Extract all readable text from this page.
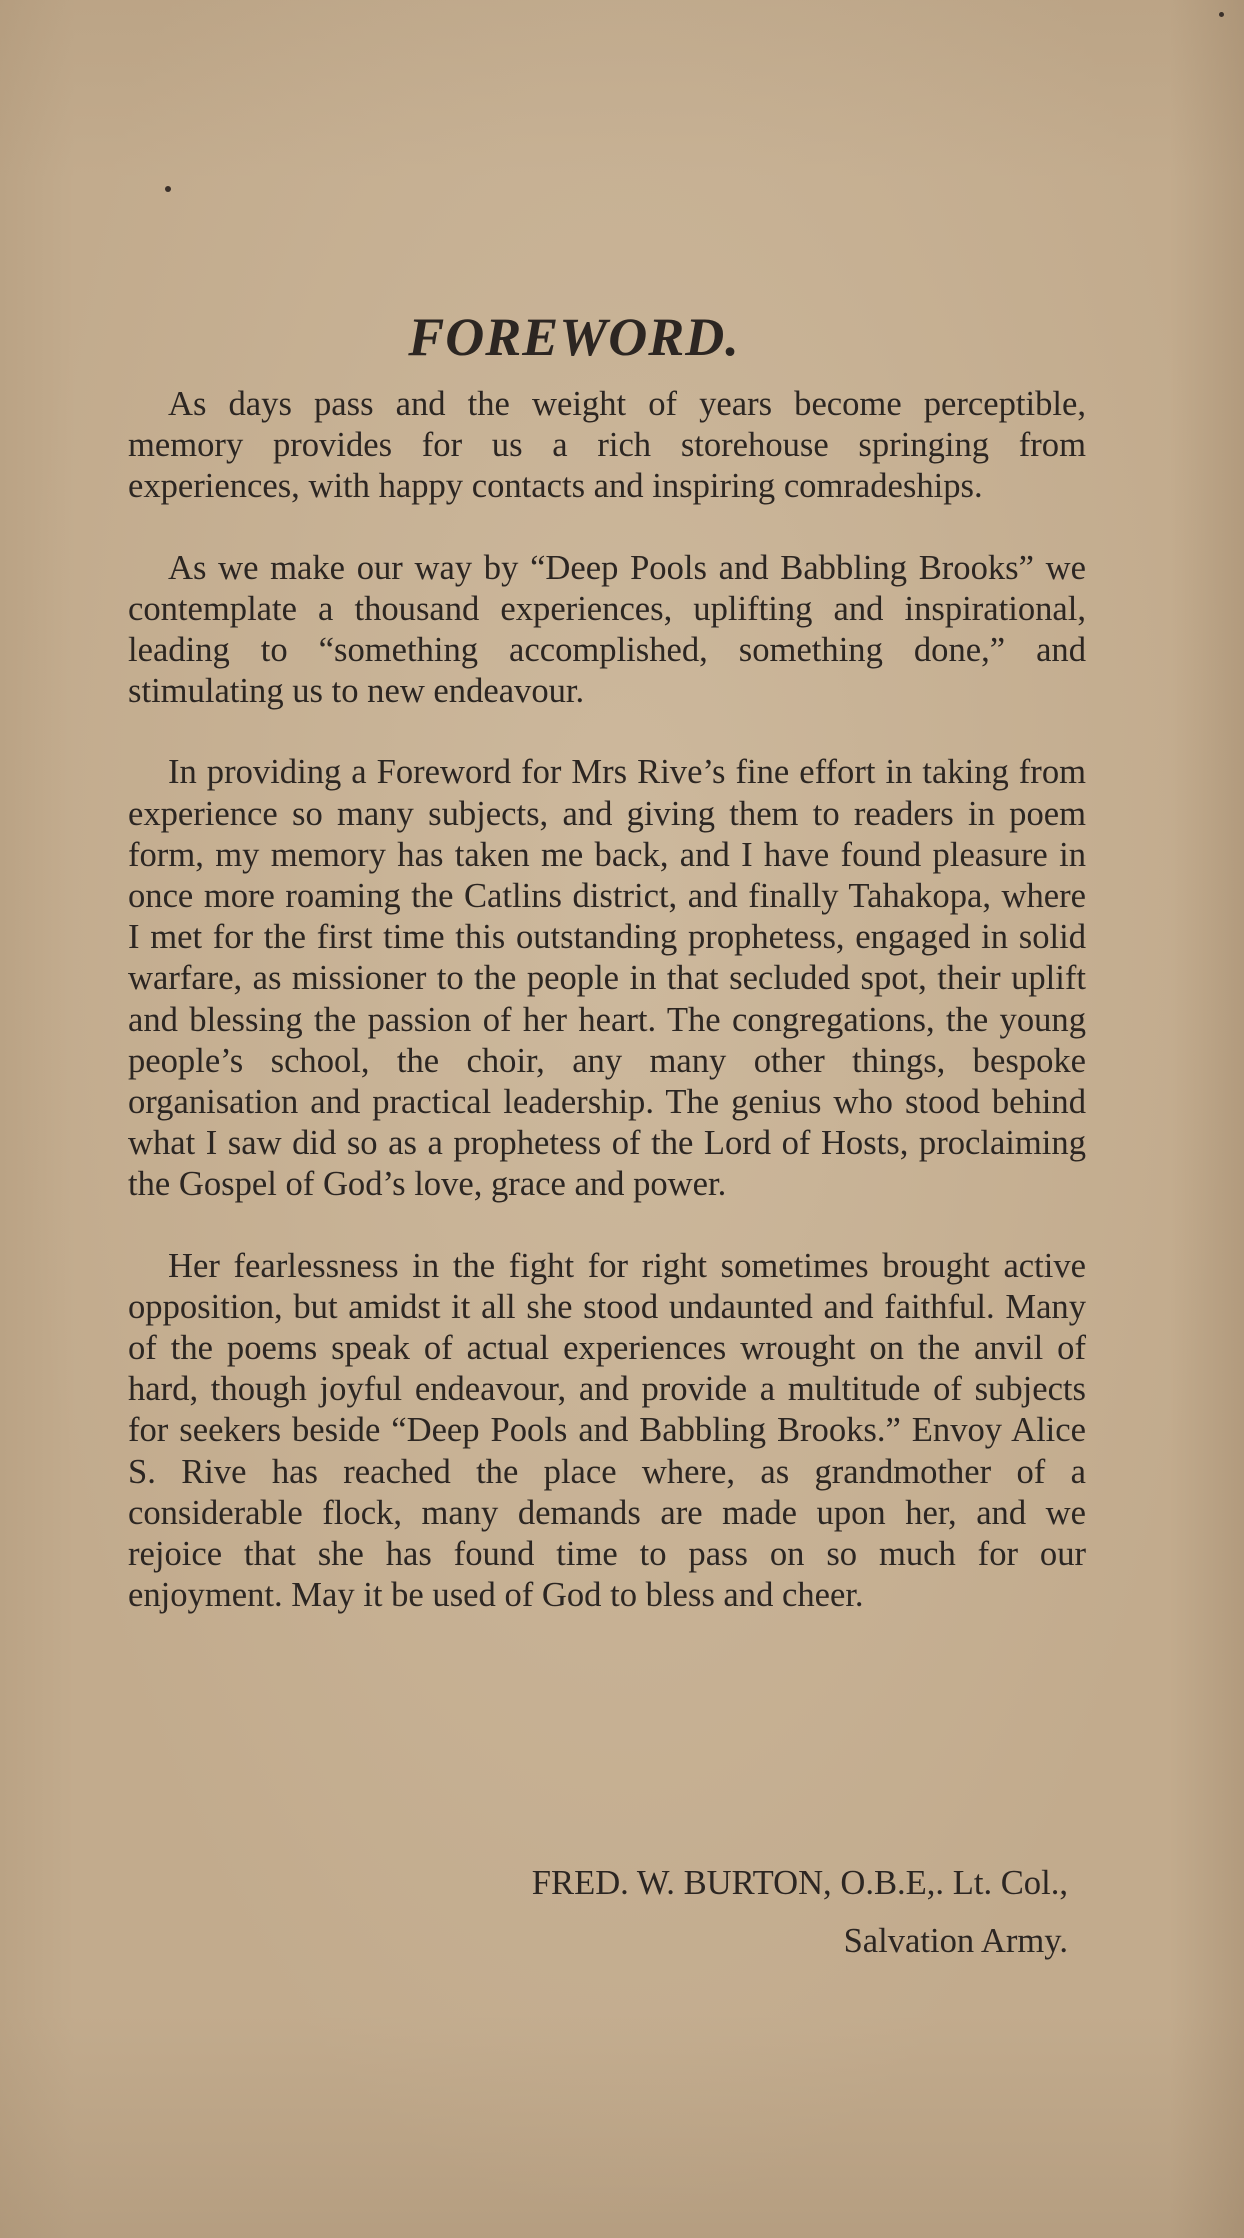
FOREWORD.

As days pass and the weight of years become perceptible, memory provides for us a rich storehouse springing from experiences, with happy contacts and inspiring comradeships.

As we make our way by “Deep Pools and Babbling Brooks” we contemplate a thousand experiences, uplifting and inspirational, leading to “something accomplished, something done,” and stimulating us to new endeavour.

In providing a Foreword for Mrs Rive’s fine effort in taking from experience so many subjects, and giving them to readers in poem form, my memory has taken me back, and I have found pleasure in once more roaming the Catlins district, and finally Tahakopa, where I met for the first time this outstanding prophetess, engaged in solid warfare, as missioner to the people in that secluded spot, their uplift and blessing the passion of her heart. The congregations, the young people’s school, the choir, any many other things, bespoke organisation and practical leadership. The genius who stood behind what I saw did so as a prophetess of the Lord of Hosts, proclaiming the Gospel of God’s love, grace and power.

Her fearlessness in the fight for right sometimes brought active opposition, but amidst it all she stood undaunted and faithful. Many of the poems speak of actual experiences wrought on the anvil of hard, though joyful endeavour, and provide a multitude of subjects for seekers beside “Deep Pools and Babbling Brooks.” Envoy Alice S. Rive has reached the place where, as grandmother of a considerable flock, many demands are made upon her, and we rejoice that she has found time to pass on so much for our enjoyment. May it be used of God to bless and cheer.

FRED. W. BURTON, O.B.E,. Lt. Col.,

Salvation Army.
